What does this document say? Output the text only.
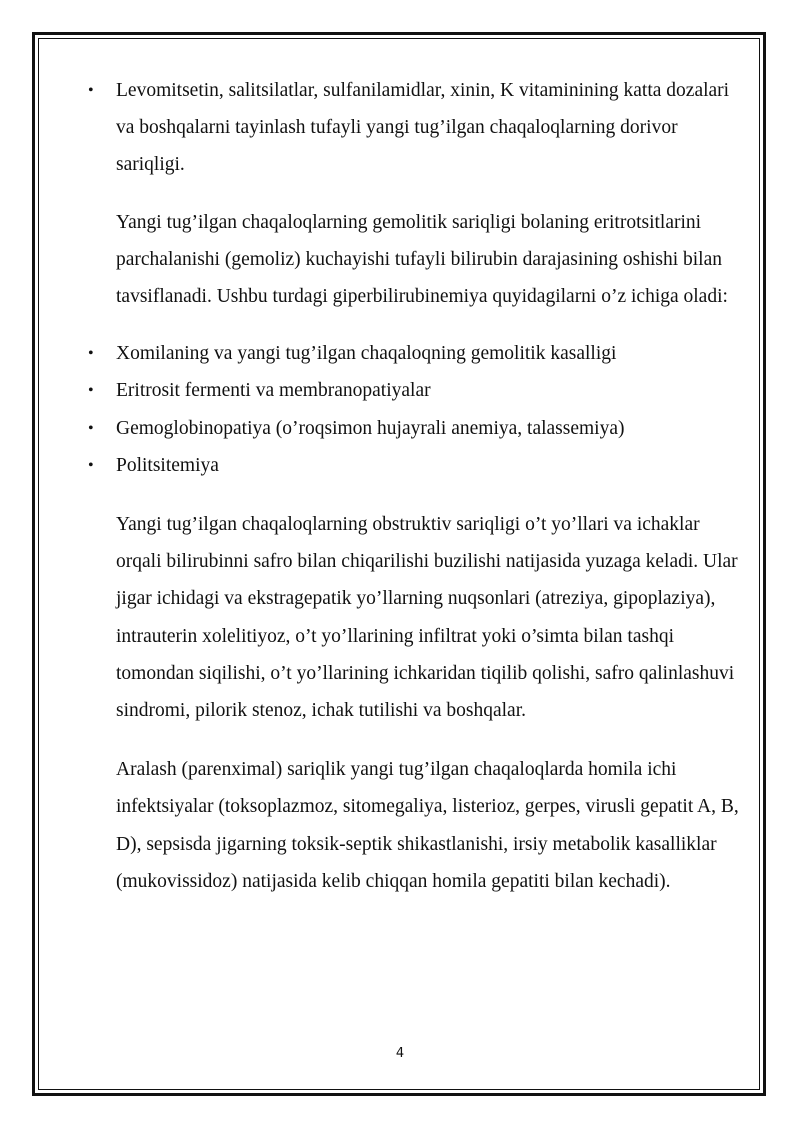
• Levomitsetin, salitsilatlar, sulfanilamidlar, xinin, K vitaminining katta dozalari va boshqalarni tayinlash tufayli yangi tug’ilgan chaqaloqlarning dorivor sariqligi.

Yangi tug’ilgan chaqaloqlarning gemolitik sariqligi bolaning eritrotsitlarini parchalanishi (gemoliz) kuchayishi tufayli bilirubin darajasining oshishi bilan tavsiflanadi. Ushbu turdagi giperbilirubinemiya quyidagilarni o’z ichiga oladi:

• Xomilaning va yangi tug’ilgan chaqaloqning gemolitik kasalligi
• Eritrosit fermenti va membranopatiyalar
• Gemoglobinopatiya (o’roqsimon hujayrali anemiya, talassemiya)
• Politsitemiya

Yangi tug’ilgan chaqaloqlarning obstruktiv sariqligi o’t yo’llari va ichaklar orqali bilirubinni safro bilan chiqarilishi buzilishi natijasida yuzaga keladi. Ular jigar ichidagi va ekstragepatik yo’llarning nuqsonlari (atreziya, gipoplaziya), intrauterin xolelitiyoz, o’t yo’llarining infiltrat yoki o’simta bilan tashqi tomondan siqilishi, o’t yo’llarining ichkaridan tiqilib qolishi, safro qalinlashuvi sindromi, pilorik stenoz, ichak tutilishi va boshqalar.

Aralash (parenximal) sariqlik yangi tug’ilgan chaqaloqlarda homila ichi infektsiyalar (toksoplazmoz, sitomegaliya, listerioz, gerpes, virusli gepatit A, B, D), sepsisda jigarning toksik-septik shikastlanishi, irsiy metabolik kasalliklar (mukovissidoz) natijasida kelib chiqqan homila gepatiti bilan kechadi).

4
